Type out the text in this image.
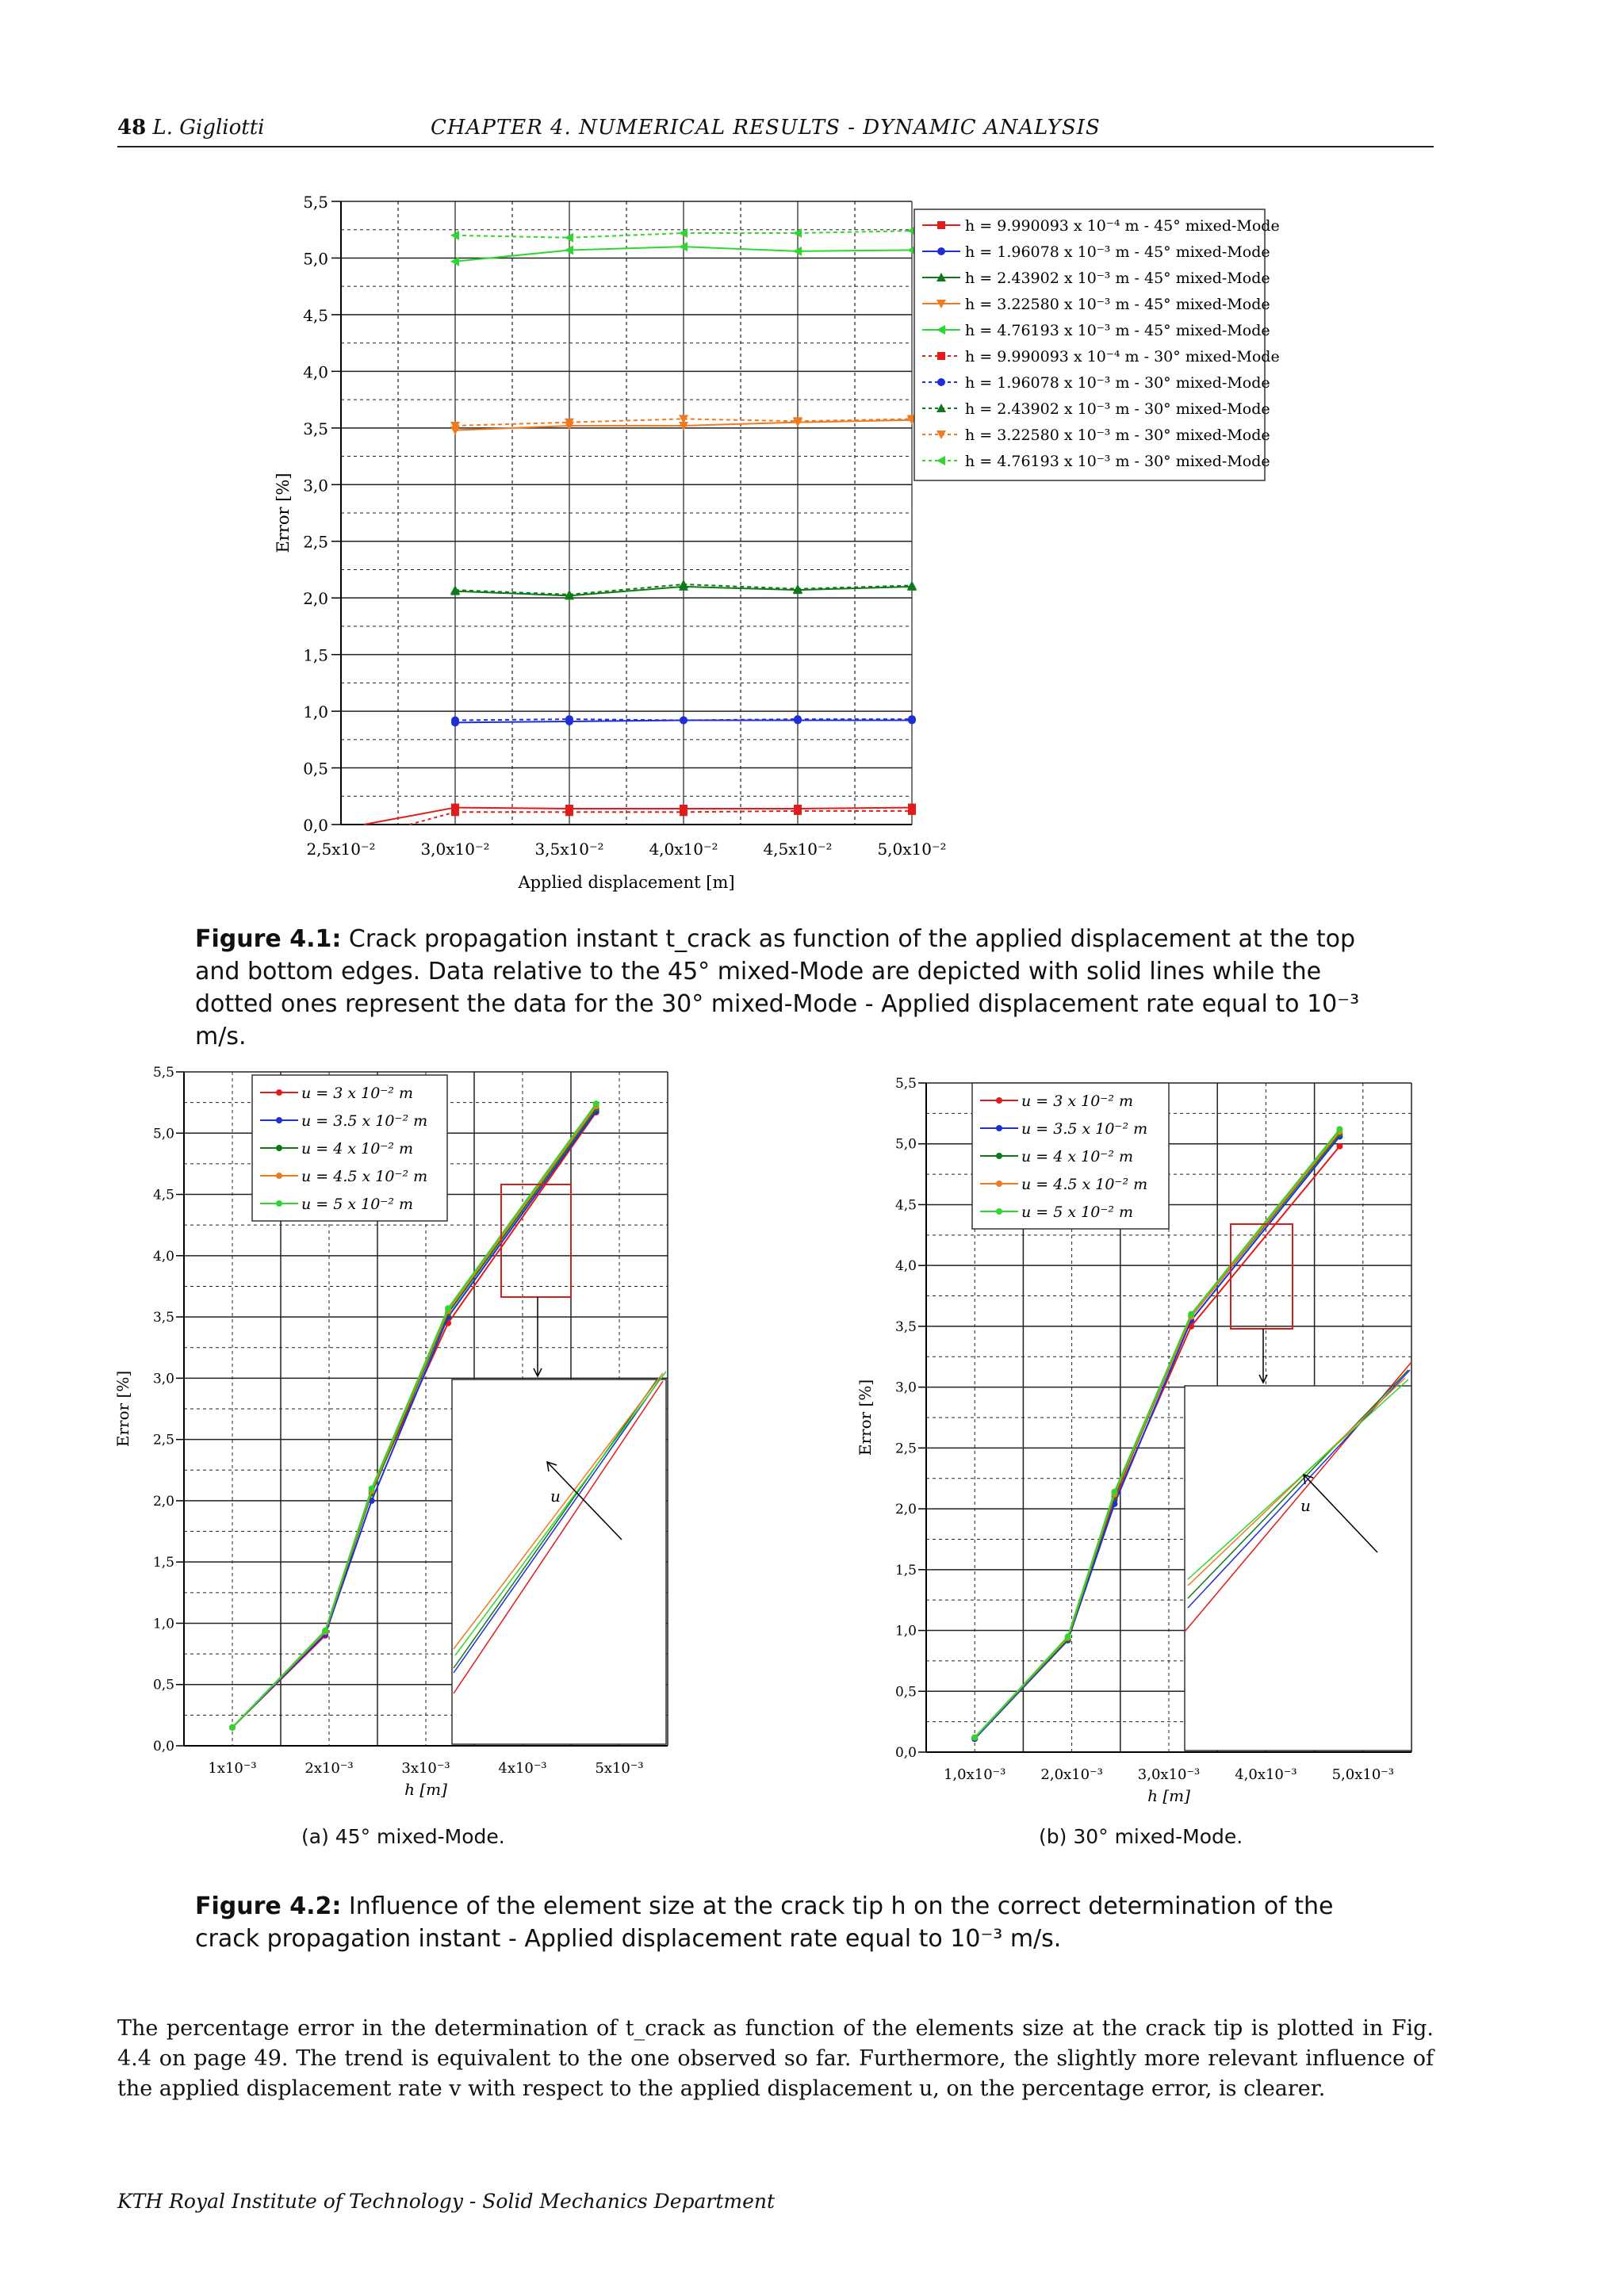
48 L. Gigliotti	CHAPTER 4. NUMERICAL RESULTS - DYNAMIC ANALYSIS
0,0
0,5
1,0
1,5
2,0
2,5
3,0
3,5
4,0
4,5
5,0
5,5
2,5x10⁻²	3,0x10⁻²	3,5x10⁻²	4,0x10⁻²	4,5x10⁻²	5,0x10⁻²
Applied displacement [m]
Error [%]
h = 9.990093 x 10⁻⁴ m - 45° mixed-Mode
h = 1.96078 x 10⁻³ m - 45° mixed-Mode
h = 2.43902 x 10⁻³ m - 45° mixed-Mode
h = 3.22580 x 10⁻³ m - 45° mixed-Mode
h = 4.76193 x 10⁻³ m - 45° mixed-Mode
h = 9.990093 x 10⁻⁴ m - 30° mixed-Mode
h = 1.96078 x 10⁻³ m - 30° mixed-Mode
h = 2.43902 x 10⁻³ m - 30° mixed-Mode
h = 3.22580 x 10⁻³ m - 30° mixed-Mode
h = 4.76193 x 10⁻³ m - 30° mixed-Mode
Figure 4.1: Crack propagation instant t_crack as function of the applied displacement at the top and bottom edges. Data relative to the 45° mixed-Mode are depicted with solid lines while the dotted ones represent the data for the 30° mixed-Mode - Applied displacement rate equal to 10⁻³ m/s.
0,0
0,5
1,0
1,5
2,0
2,5
3,0
3,5
4,0
4,5
5,0
5,5
1x10⁻³	2x10⁻³	3x10⁻³	4x10⁻³	5x10⁻³
h [m]
Error [%]
u
u = 3 x 10⁻² m
u = 3.5 x 10⁻² m
u = 4 x 10⁻² m
u = 4.5 x 10⁻² m
u = 5 x 10⁻² m
0,0
0,5
1,0
1,5
2,0
2,5
3,0
3,5
4,0
4,5
5,0
5,5
1,0x10⁻³ 2,0x10⁻³ 3,0x10⁻³ 4,0x10⁻³ 5,0x10⁻³
h [m]
Error [%]
u
u = 3 x 10⁻² m
u = 3.5 x 10⁻² m
u = 4 x 10⁻² m
u = 4.5 x 10⁻² m
u = 5 x 10⁻² m
(a) 45° mixed-Mode.	(b) 30° mixed-Mode.
Figure 4.2: Influence of the element size at the crack tip h on the correct determination of the crack propagation instant - Applied displacement rate equal to 10⁻³ m/s.
The percentage error in the determination of t_crack as function of the elements size at the crack tip is plotted in Fig. 4.4 on page 49. The trend is equivalent to the one observed so far. Furthermore, the slightly more relevant influence of the applied displacement rate v with respect to the applied displacement u, on the percentage error, is clearer.
KTH Royal Institute of Technology - Solid Mechanics Department
